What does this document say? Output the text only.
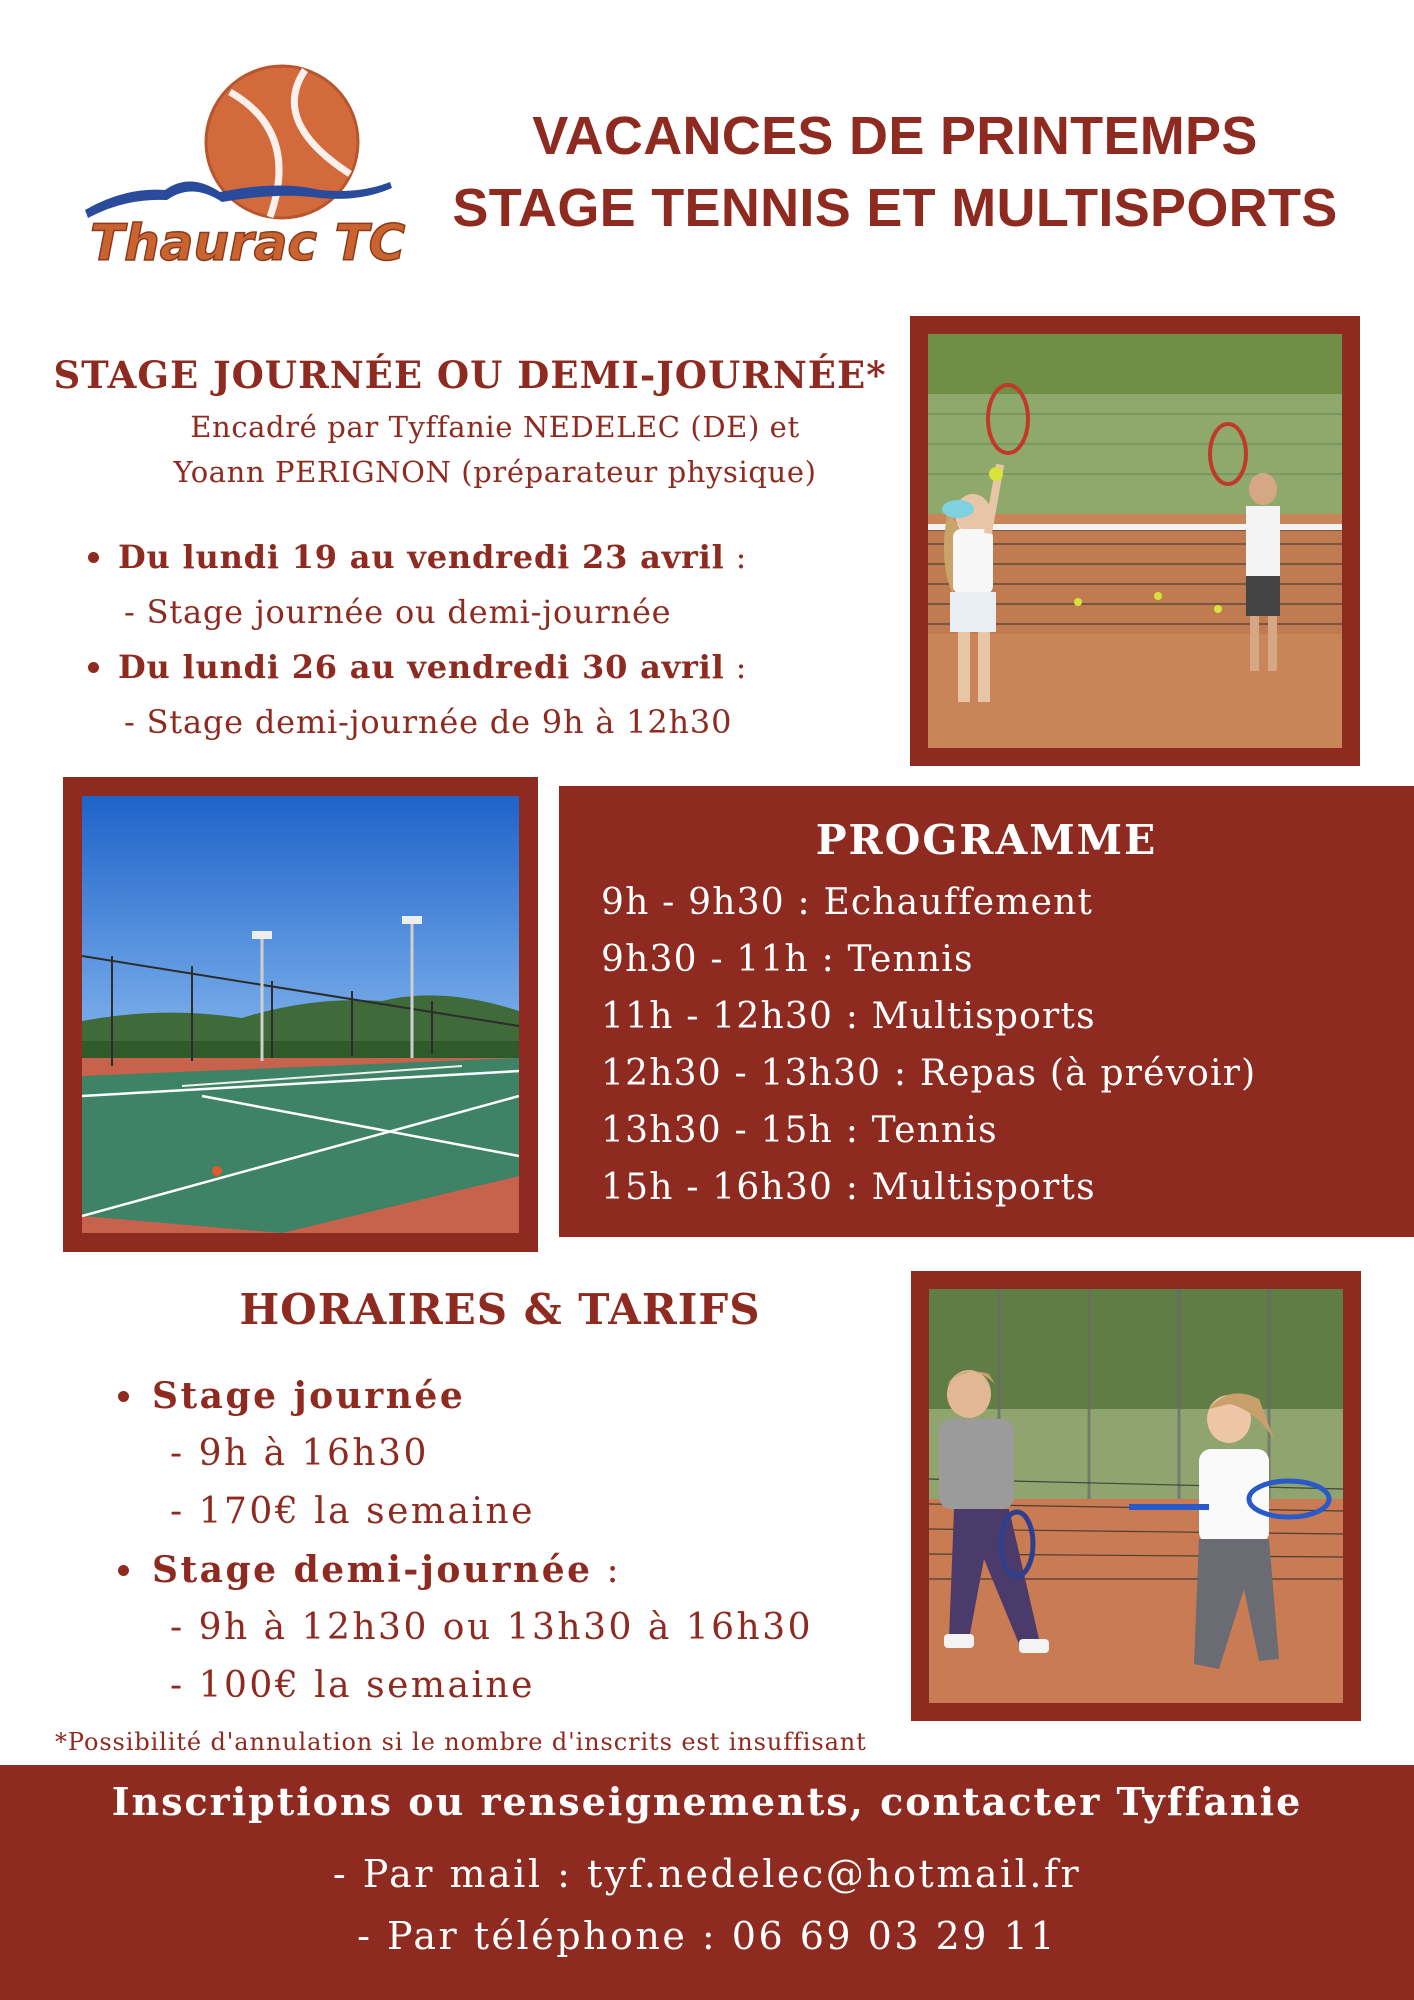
Thaurac TC
VACANCES DE PRINTEMPS
STAGE TENNIS ET MULTISPORTS
STAGE JOURNÉE OU DEMI-JOURNÉE*
Encadré par Tyffanie NEDELEC (DE) et
Yoann PERIGNON (préparateur physique)
Du lundi 19 au vendredi 23 avril :
- Stage journée ou demi-journée
Du lundi 26 au vendredi 30 avril :
- Stage demi-journée de 9h à 12h30
PROGRAMME
9h - 9h30 : Echauffement
9h30 - 11h : Tennis
11h - 12h30 : Multisports
12h30 - 13h30 : Repas (à prévoir)
13h30 - 15h : Tennis
15h - 16h30 : Multisports
HORAIRES & TARIFS
Stage journée
- 9h à 16h30
- 170€ la semaine
Stage demi-journée :
- 9h à 12h30 ou 13h30 à 16h30
- 100€ la semaine
*Possibilité d'annulation si le nombre d'inscrits est insuffisant
Inscriptions ou renseignements, contacter Tyffanie
- Par mail : tyf.nedelec@hotmail.fr
- Par téléphone : 06 69 03 29 11
